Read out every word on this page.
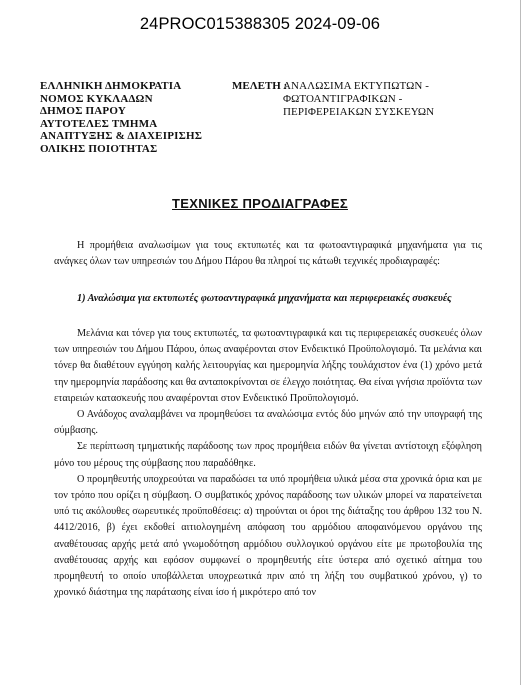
24PROC015388305 2024-09-06
ΕΛΛΗΝΙΚΗ ΔΗΜΟΚΡΑΤΙΑ
ΝΟΜΟΣ ΚΥΚΛΑΔΩΝ
ΔΗΜΟΣ ΠΑΡΟΥ
ΑΥΤΟΤΕΛΕΣ ΤΜΗΜΑ
ΑΝΑΠΤΥΞΗΣ & ΔΙΑΧΕΙΡΙΣΗΣ
ΟΛΙΚΗΣ ΠΟΙΟΤΗΤΑΣ
ΜΕΛΕΤΗ :
ΑΝΑΛΩΣΙΜΑ ΕΚΤΥΠΩΤΩΝ -
ΦΩΤΟΑΝΤΙΓΡΑΦΙΚΩΝ -
ΠΕΡΙΦΕΡΕΙΑΚΩΝ ΣΥΣΚΕΥΩΝ
ΤΕΧΝΙΚΕΣ ΠΡΟΔΙΑΓΡΑΦΕΣ

Η προμήθεια αναλωσίμων για τους εκτυπωτές και τα φωτοαντιγραφικά μηχανήματα για τις ανάγκες όλων των υπηρεσιών του Δήμου Πάρου θα πληροί τις κάτωθι τεχνικές προδιαγραφές:

1) Αναλώσιμα για εκτυπωτές φωτοαντιγραφικά μηχανήματα και περιφερειακές συσκευές

Μελάνια και τόνερ για τους εκτυπωτές, τα φωτοαντιγραφικά και τις περιφερειακές συσκευές όλων των υπηρεσιών του Δήμου Πάρου, όπως αναφέρονται στον Ενδεικτικό Προϋπολογισμό. Τα μελάνια και τόνερ θα διαθέτουν εγγύηση καλής λειτουργίας και ημερομηνία λήξης τουλάχιστον ένα (1) χρόνο μετά την ημερομηνία παράδοσης και θα ανταποκρίνονται σε έλεγχο ποιότητας. Θα είναι γνήσια προϊόντα των εταιρειών κατασκευής που αναφέρονται στον Ενδεικτικό Προϋπολογισμό.

Ο Ανάδοχος αναλαμβάνει να προμηθεύσει τα αναλώσιμα εντός δύο μηνών από την υπογραφή της σύμβασης.

Σε περίπτωση τμηματικής παράδοσης των προς προμήθεια ειδών θα γίνεται αντίστοιχη εξόφληση μόνο του μέρους της σύμβασης που παραδόθηκε.

Ο προμηθευτής υποχρεούται να παραδώσει τα υπό προμήθεια υλικά μέσα στα χρονικά όρια και με τον τρόπο που ορίζει η σύμβαση. Ο συμβατικός χρόνος παράδοσης των υλικών μπορεί να παρατείνεται υπό τις ακόλουθες σωρευτικές προϋποθέσεις: α) τηρούνται οι όροι της διάταξης του άρθρου 132 του Ν. 4412/2016, β) έχει εκδοθεί αιτιολογημένη απόφαση του αρμόδιου αποφαινόμενου οργάνου της αναθέτουσας αρχής μετά από γνωμοδότηση αρμόδιου συλλογικού οργάνου είτε με πρωτοβουλία της αναθέτουσας αρχής και εφόσον συμφωνεί ο προμηθευτής είτε ύστερα από σχετικό αίτημα του προμηθευτή το οποίο υποβάλλεται υποχρεωτικά πριν από τη λήξη του συμβατικού χρόνου, γ) το χρονικό διάστημα της παράτασης είναι ίσο ή μικρότερο από τον
